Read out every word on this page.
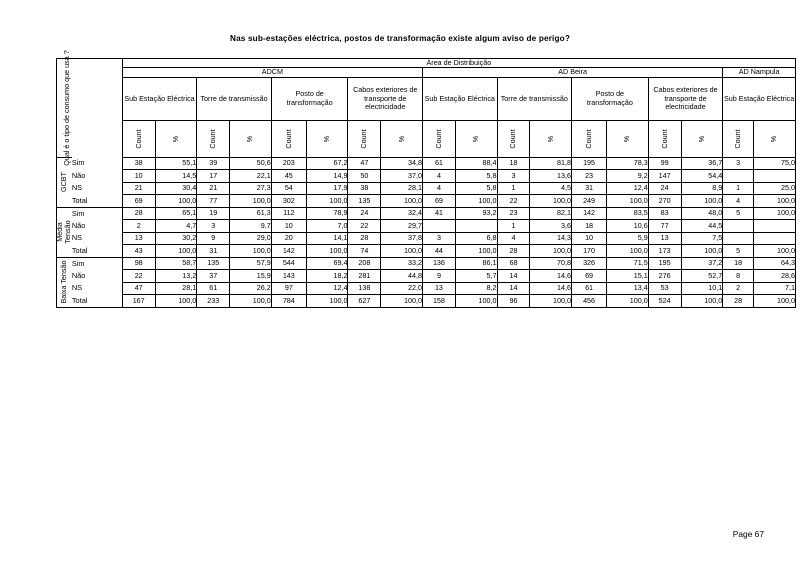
Nas sub-estações eléctrica, postos de transformação existe algum aviso de perigo?
Qual é o tipo de consumo que usa ?		Área de Distribuição																	
		ADCM								AD Beira								AD Nampula	
		Sub Estação Eléctrica		Torre de transmissão		Posto de transformação		Cabos exteriores de transporte de electricidade		Sub Estação Eléctrica		Torre de transmissão		Posto de transformação		Cabos exteriores de transporte de electricidade		Sub Estação Eléctrica	

		Count	%	Count	%	Count	%	Count	%	Count	%	Count	%	Count	%	Count	%	Count	%

GCBT	Sim	38	55,1	39	50,6	203	67,2	47	34,8	61	88,4	18	81,8	195	78,3	99	36,7	3	75,0
	Não	10	14,5	17	22,1	45	14,9	50	37,0	4	5,8	3	13,6	23	9,2	147	54,4		
	NS	21	30,4	21	27,3	54	17,9	38	28,1	4	5,8	1	4,5	31	12,4	24	8,9	1	25,0
	Total	69	100,0	77	100,0	302	100,0	135	100,0	69	100,0	22	100,0	249	100,0	270	100,0	4	100,0

Média Tensão	Sim	28	65,1	19	61,3	112	78,9	24	32,4	41	93,2	23	82,1	142	83,5	83	48,0	5	100,0
	Não	2	4,7	3	9,7	10	7,0	22	29,7			1	3,6	18	10,6	77	44,5		
	NS	13	30,2	9	29,0	20	14,1	28	37,8	3	6,8	4	14,3	10	5,9	13	7,5		
	Total	43	100,0	31	100,0	142	100,0	74	100,0	44	100,0	28	100,0	170	100,0	173	100,0	5	100,0

Baixa Tensão	Sim	98	58,7	135	57,9	544	69,4	208	33,2	136	86,1	68	70,8	326	71,5	195	37,2	18	64,3
	Não	22	13,2	37	15,9	143	18,2	281	44,8	9	5,7	14	14,6	69	15,1	276	52,7	8	28,6
	NS	47	28,1	61	26,2	97	12,4	138	22,0	13	8,2	14	14,6	61	13,4	53	10,1	2	7,1
	Total	167	100,0	233	100,0	784	100,0	627	100,0	158	100,0	96	100,0	456	100,0	524	100,0	28	100,0
Page 67
